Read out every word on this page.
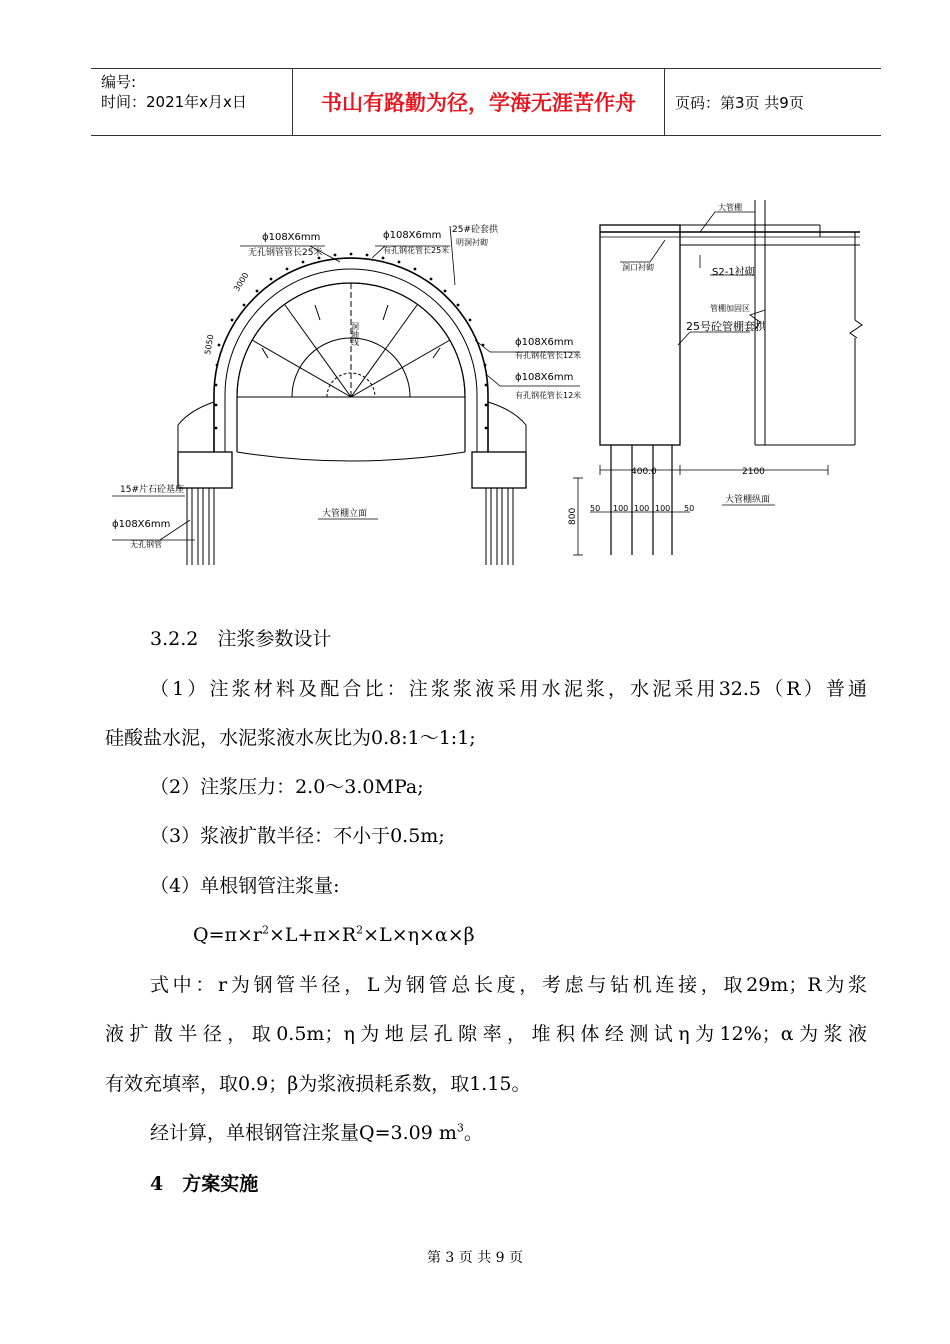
编号:
时间：2021年x月x日	书山有路勤为径，学海无涯苦作舟	页码：第3页 共9页
ϕ108X6mm
无孔钢管管长25米
ϕ108X6mm
有孔钢花管长25米
25#砼套拱
明洞衬砌
ϕ108X6mm
有孔钢花管长12米
ϕ108X6mm
有孔钢花管长12米
15#片石砼基座
ϕ108X6mm
无孔钢管
大管棚立面
洞轴线
3000
5050
大管棚
洞口衬砌	S2-1衬砌
管棚加固区
25号砼管棚套拱
400.0	2100
800 50 100 100 100 50
大管棚纵面
3.2.2　注浆参数设计
（1）注浆材料及配合比：注浆浆液采用水泥浆，水泥采用32.5（R）普通
硅酸盐水泥，水泥浆液水灰比为0.8:1～1:1;
（2）注浆压力：2.0～3.0MPa;
（3）浆液扩散半径：不小于0.5m;
（4）单根钢管注浆量:
$Q=\pi\times r^2\times L+\pi\times R^2\times L\times\eta\times\alpha\times\beta$
式中：r为钢管半径，L为钢管总长度，考虑与钻机连接，取29m；R为浆
液扩散半径，取0.5m；η为地层孔隙率，堆积体经测试η为12%；α为浆液
有效充填率，取0.9；β为浆液损耗系数，取1.15。
经计算，单根钢管注浆量Q=3.09 $m^3$。
4　方案实施
第 3 页 共 9 页
